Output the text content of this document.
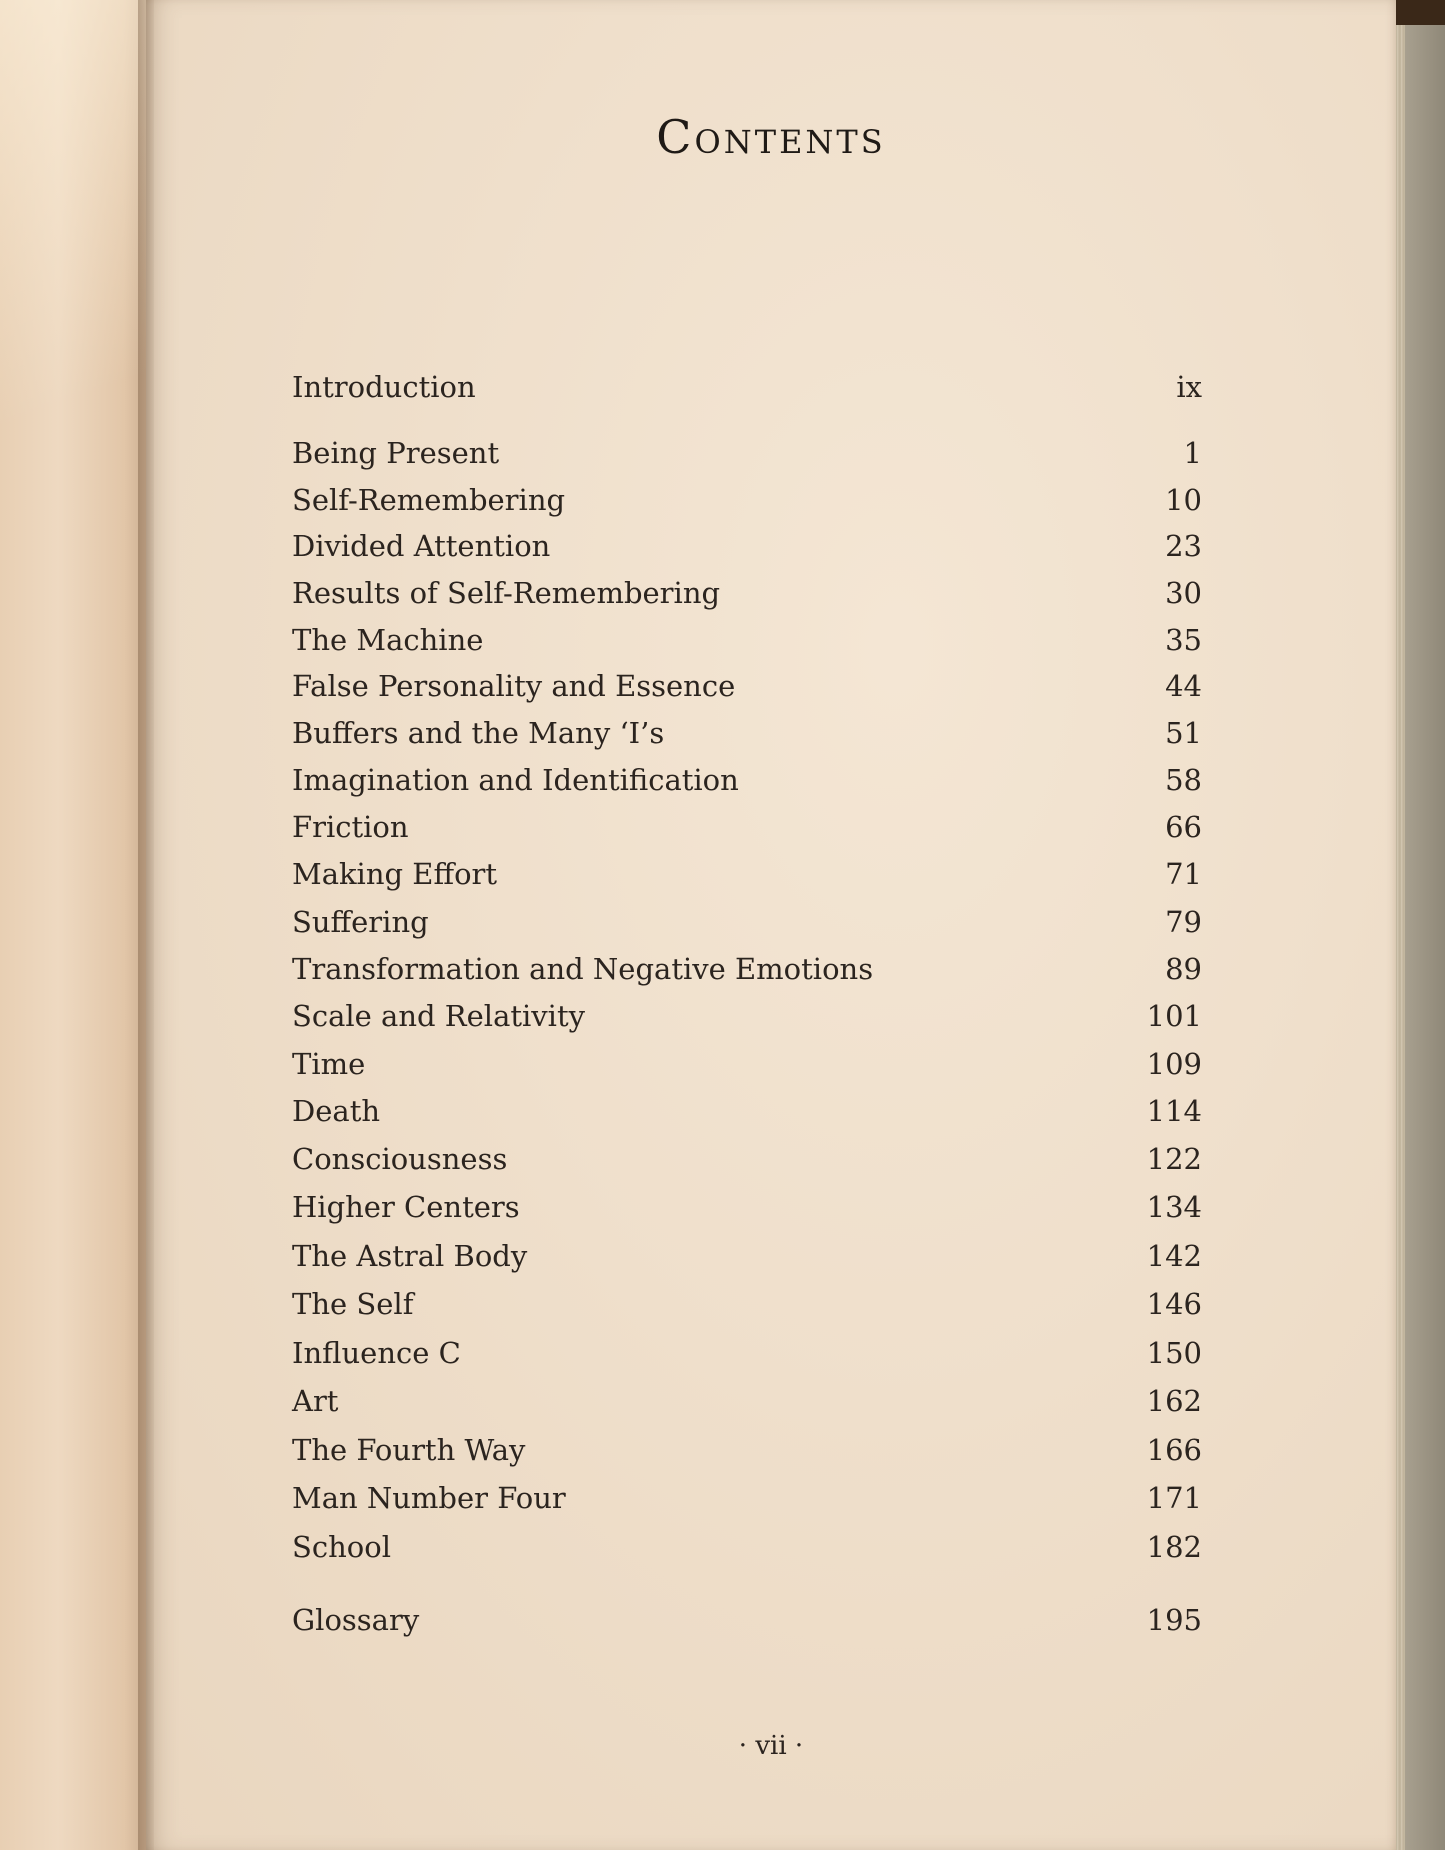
Contents
Introduction	ix
Being Present	1
Self-Remembering	10
Divided Attention	23
Results of Self-Remembering	30
The Machine	35
False Personality and Essence	44
Buffers and the Many ‘I’s	51
Imagination and Identification	58
Friction	66
Making Effort	71
Suffering	79
Transformation and Negative Emotions	89
Scale and Relativity	101
Time	109
Death	114
Consciousness	122
Higher Centers	134
The Astral Body	142
The Self	146
Influence C	150
Art	162
The Fourth Way	166
Man Number Four	171
School	182
Glossary	195
· vii ·
